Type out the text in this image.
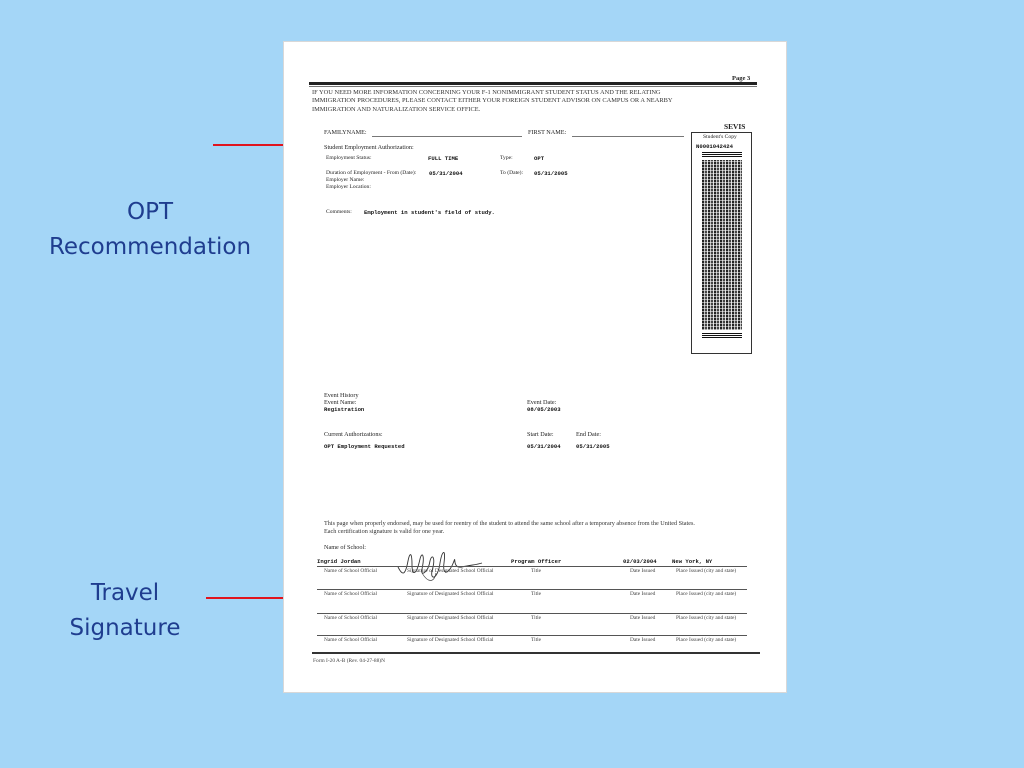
OPT
Recommendation
Travel
Signature
Page 3
IF YOU NEED MORE INFORMATION CONCERNING YOUR F-1 NONIMMIGRANT STUDENT STATUS AND THE RELATING
IMMIGRATION PROCEDURES, PLEASE CONTACT EITHER YOUR FOREIGN STUDENT ADVISOR ON CAMPUS OR A NEARBY
IMMIGRATION AND NATURALIZATION SERVICE OFFICE.
SEVIS
FAMILYNAME:	FIRST NAME:
Student's Copy
N0001042424
Student Employment Authorization:
Employment Status:	FULL TIME	Type:	OPT
Duration of Employment - From (Date): 05/31/2004	To (Date): 05/31/2005
Employer Name:
Employer Location:
Comments: Employment in student's field of study.
Event History
Event Name:
Registration
Event Date:
08/05/2003
Current Authorizations:	Start Date:	End Date:
OPT Employment Requested	05/31/2004	05/31/2005
This page when properly endorsed, may be used for reentry of the student to attend the same school after a temporary absence from the United States.
Each certification signature is valid for one year.
Name of School:
Ingrid Jordan	Program Officer	02/03/2004	New York, NY
Name of School Official	Signature of Designated School Official	Title	Date Issued	Place Issued (city and state)
Name of School Official	Signature of Designated School Official	Title	Date Issued	Place Issued (city and state)
Name of School Official	Signature of Designated School Official	Title	Date Issued	Place Issued (city and state)
Name of School Official	Signature of Designated School Official	Title	Date Issued	Place Issued (city and state)
Form I-20 A-B (Rev. 04-27-88)N
